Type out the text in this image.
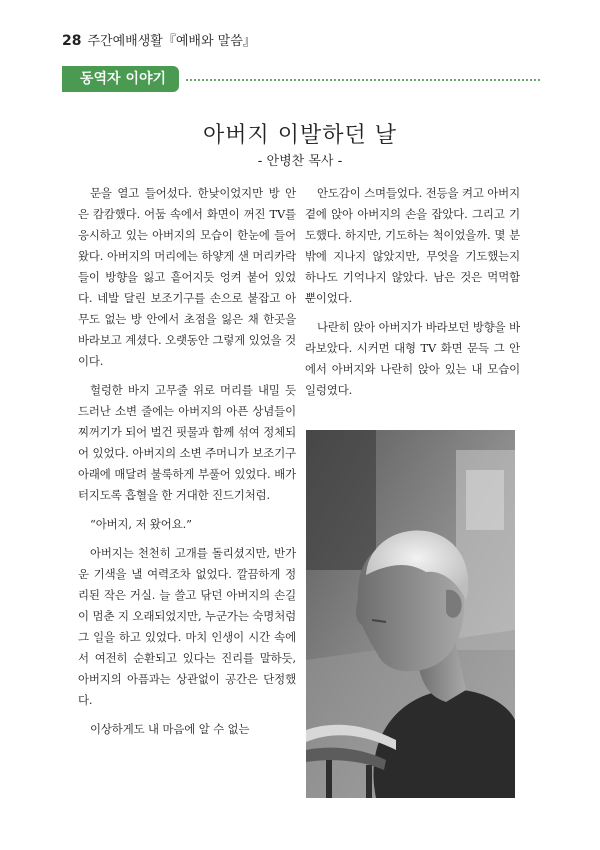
28 주간예배생활『예배와 말씀』
동역자 이야기
아버지 이발하던 날
- 안병찬 목사 -

문을 열고 들어섰다. 한낮이었지만 방 안은 캄캄했다. 어둠 속에서 화면이 꺼진 TV를 응시하고 있는 아버지의 모습이 한눈에 들어왔다. 아버지의 머리에는 하얗게 샌 머리카락들이 방향을 잃고 흩어지듯 엉켜 붙어 있었다. 네발 달린 보조기구를 손으로 붙잡고 아무도 없는 방 안에서 초점을 잃은 채 한곳을 바라보고 계셨다. 오랫동안 그렇게 있었을 것이다.

헐렁한 바지 고무줄 위로 머리를 내밀 듯 드러난 소변 줄에는 아버지의 아픈 상념들이 찌꺼기가 되어 벌건 핏물과 함께 섞여 정체되어 있었다. 아버지의 소변 주머니가 보조기구 아래에 매달려 불룩하게 부풀어 있었다. 배가 터지도록 흡혈을 한 거대한 진드기처럼.

“아버지, 저 왔어요.”

아버지는 천천히 고개를 돌리셨지만, 반가운 기색을 낼 여력조차 없었다. 깔끔하게 정리된 작은 거실. 늘 쓸고 닦던 아버지의 손길이 멈춘 지 오래되었지만, 누군가는 숙명처럼 그 일을 하고 있었다. 마치 인생이 시간 속에서 여전히 순환되고 있다는 진리를 말하듯, 아버지의 아픔과는 상관없이 공간은 단정했다.

이상하게도 내 마음에 알 수 없는

안도감이 스며들었다. 전등을 켜고 아버지 곁에 앉아 아버지의 손을 잡았다. 그리고 기도했다. 하지만, 기도하는 척이었을까. 몇 분밖에 지나지 않았지만, 무엇을 기도했는지 하나도 기억나지 않았다. 남은 것은 먹먹함뿐이었다.

나란히 앉아 아버지가 바라보던 방향을 바라보았다. 시커먼 대형 TV 화면 문득 그 안에서 아버지와 나란히 앉아 있는 내 모습이 일렁였다.
